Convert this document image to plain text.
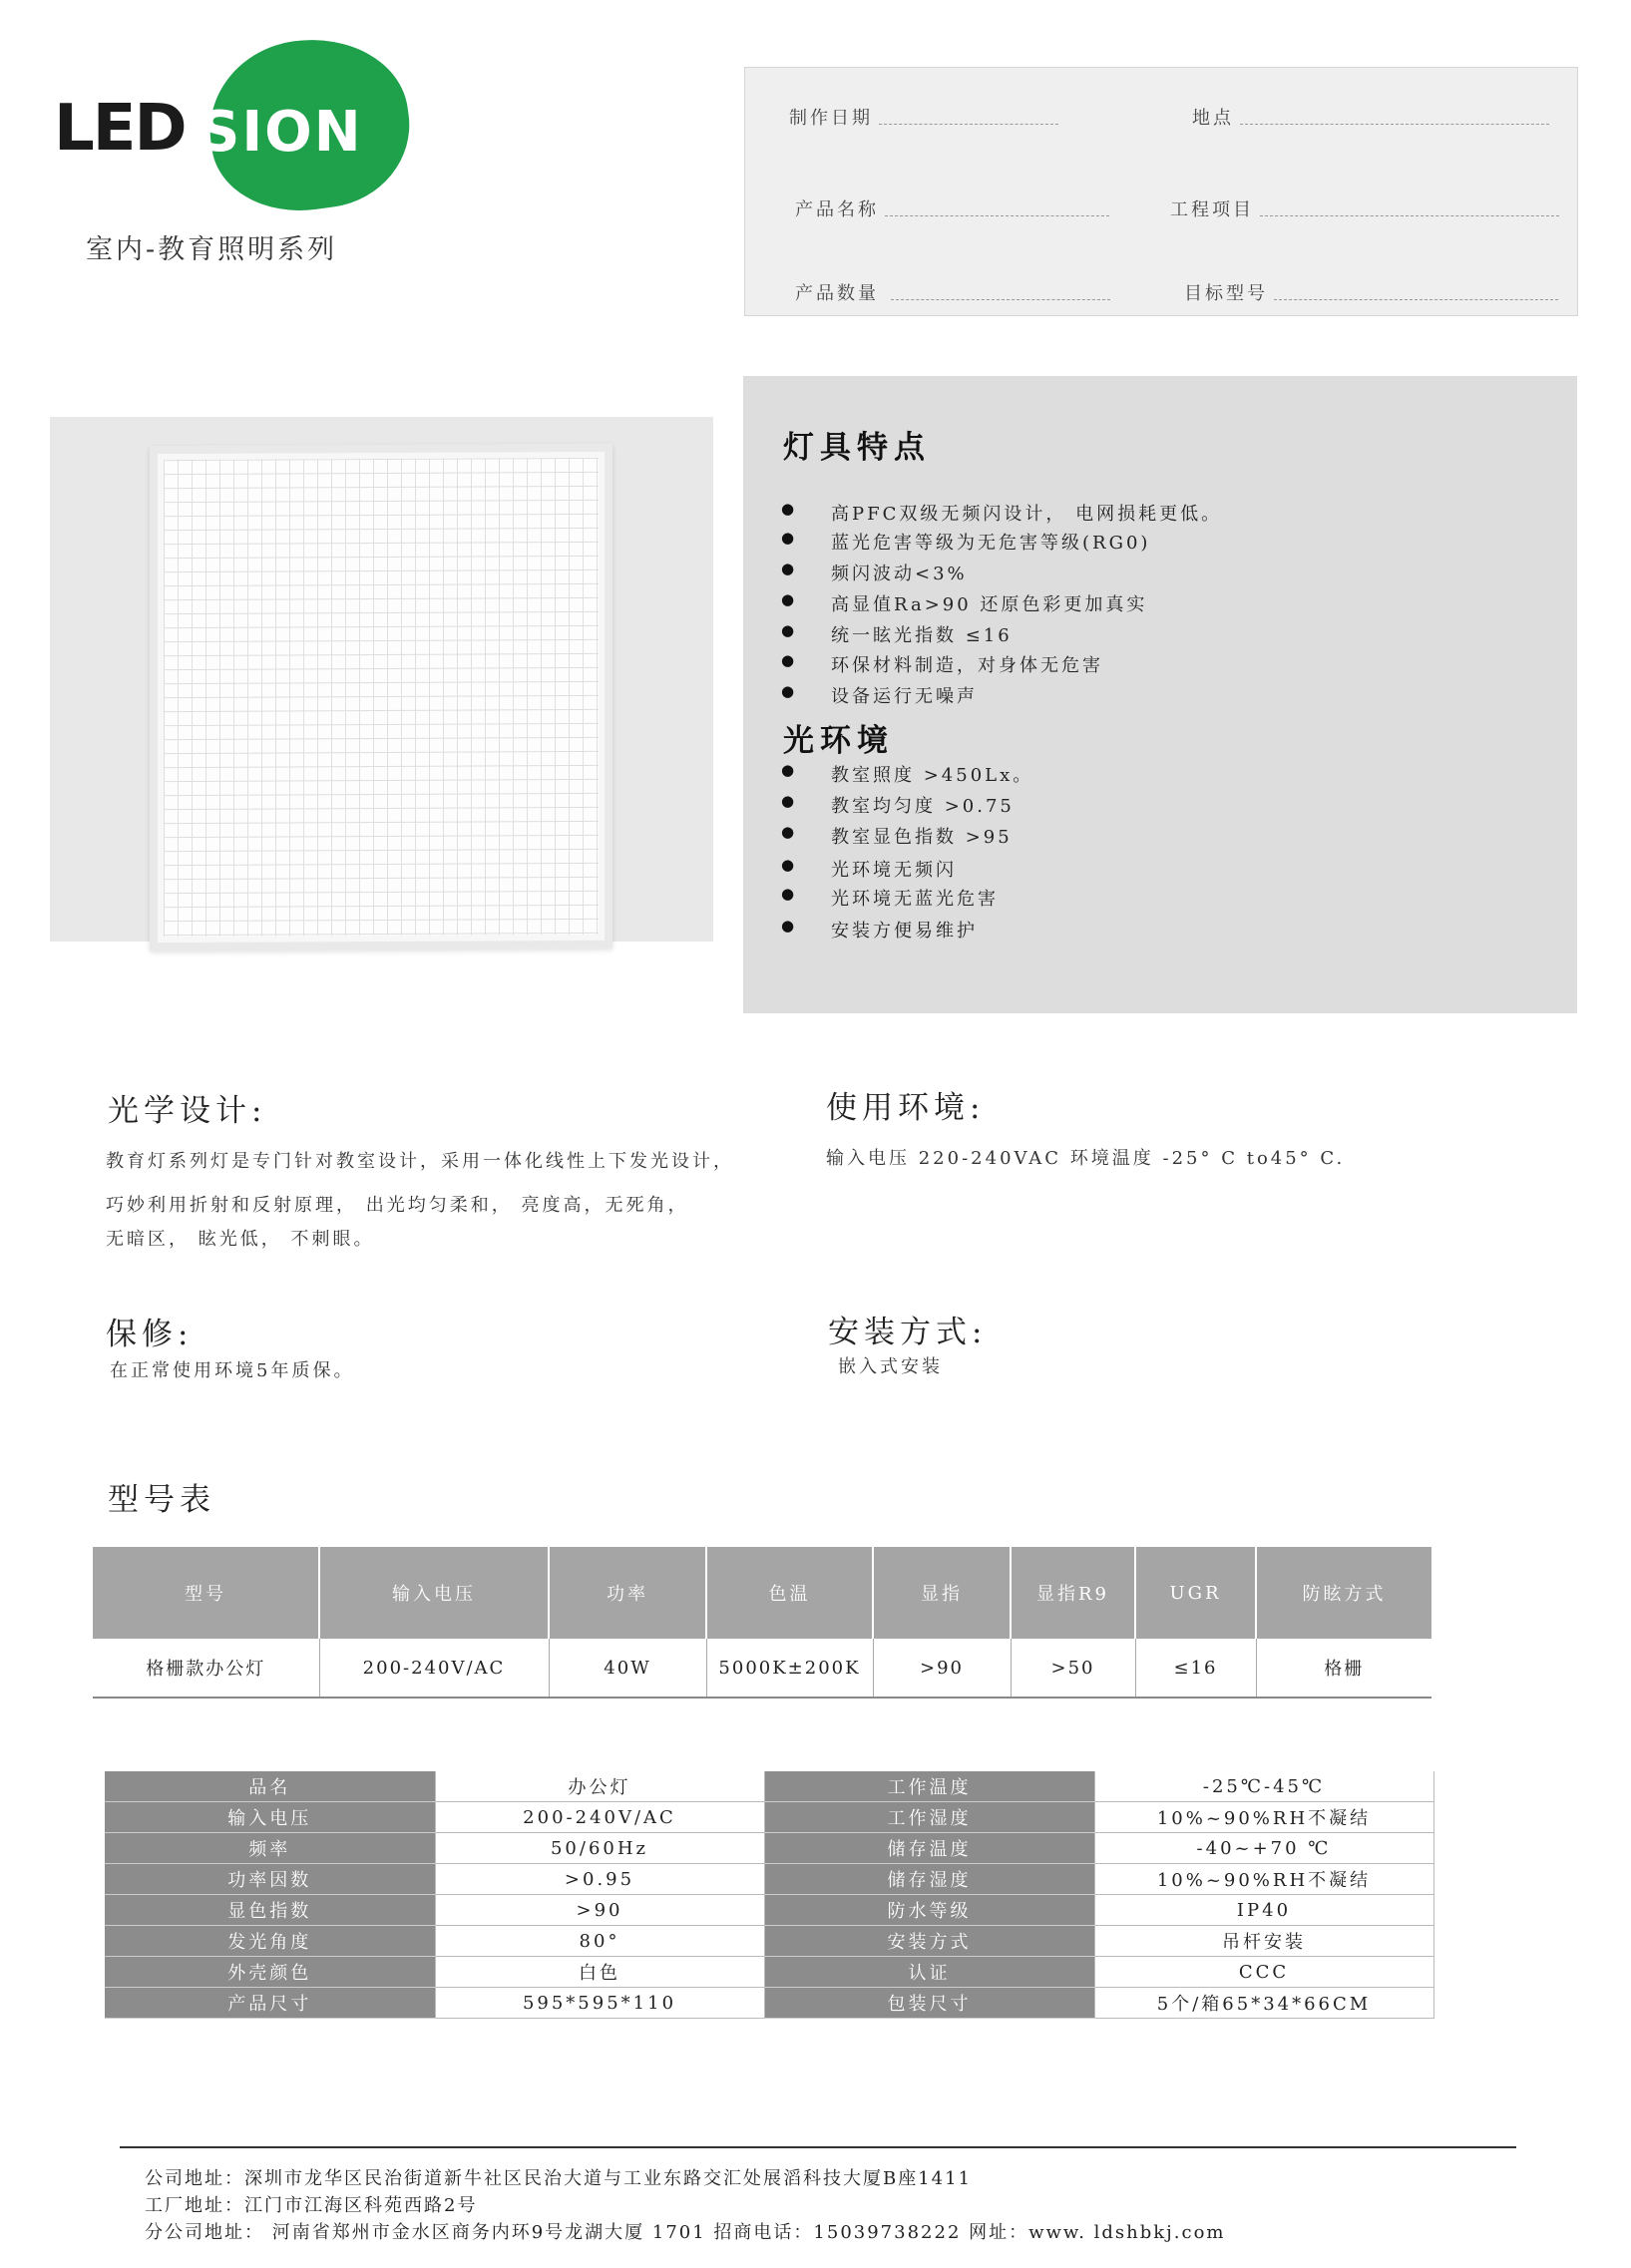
LED SION
室内-教育照明系列
制作日期	地点
产品名称	工程项目
产品数量	目标型号
灯具特点
● 高PFC双级无频闪设计， 电网损耗更低。
● 蓝光危害等级为无危害等级(RG0)
● 频闪波动<3%
● 高显值Ra>90 还原色彩更加真实
● 统一眩光指数 ≤16
● 环保材料制造，对身体无危害
● 设备运行无噪声
光环境
● 教室照度 >450Lx。
● 教室均匀度 >0.75
● 教室显色指数 >95
● 光环境无频闪
● 光环境无蓝光危害
● 安装方便易维护
光学设计:
教育灯系列灯是专门针对教室设计，采用一体化线性上下发光设计，
巧妙利用折射和反射原理， 出光均匀柔和， 亮度高，无死角，
无暗区， 眩光低， 不刺眼。
使用环境:
输入电压 220-240VAC 环境温度 -25° C to45° C.
保修:
在正常使用环境5年质保。
安装方式:
嵌入式安装
型号表
型号	输入电压	功率	色温	显指	显指R9	UGR	防眩方式
格栅款办公灯	200-240V/AC	40W	5000K±200K	>90	>50	≤16	格栅
品名	办公灯	工作温度	-25℃-45℃
输入电压	200-240V/AC	工作湿度	10%~90%RH不凝结
频率	50/60Hz	储存温度	-40~+70 ℃
功率因数	>0.95	储存湿度	10%~90%RH不凝结
显色指数	>90	防水等级	IP40
发光角度	80°	安装方式	吊杆安装
外壳颜色	白色	认证	CCC
产品尺寸	595*595*110	包装尺寸	5个/箱65*34*66CM
公司地址：深圳市龙华区民治街道新牛社区民治大道与工业东路交汇处展滔科技大厦B座1411
工厂地址：江门市江海区科苑西路2号
分公司地址： 河南省郑州市金水区商务内环9号龙湖大厦 1701 招商电话：15039738222 网址：www. ldshbkj.com
